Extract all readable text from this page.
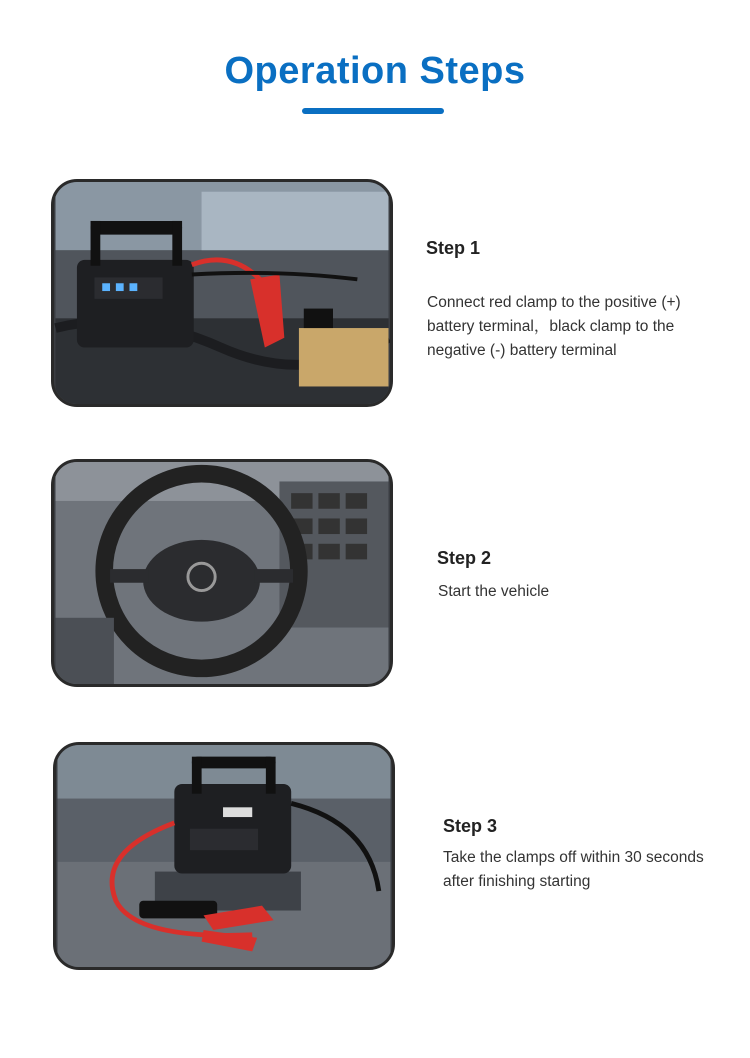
Operation Steps
Step 1
Connect red clamp to the positive (+)
battery terminal，black clamp to the
negative (-) battery terminal
Step 2
Start the vehicle
Step 3
Take the clamps off within 30 seconds
after finishing starting
